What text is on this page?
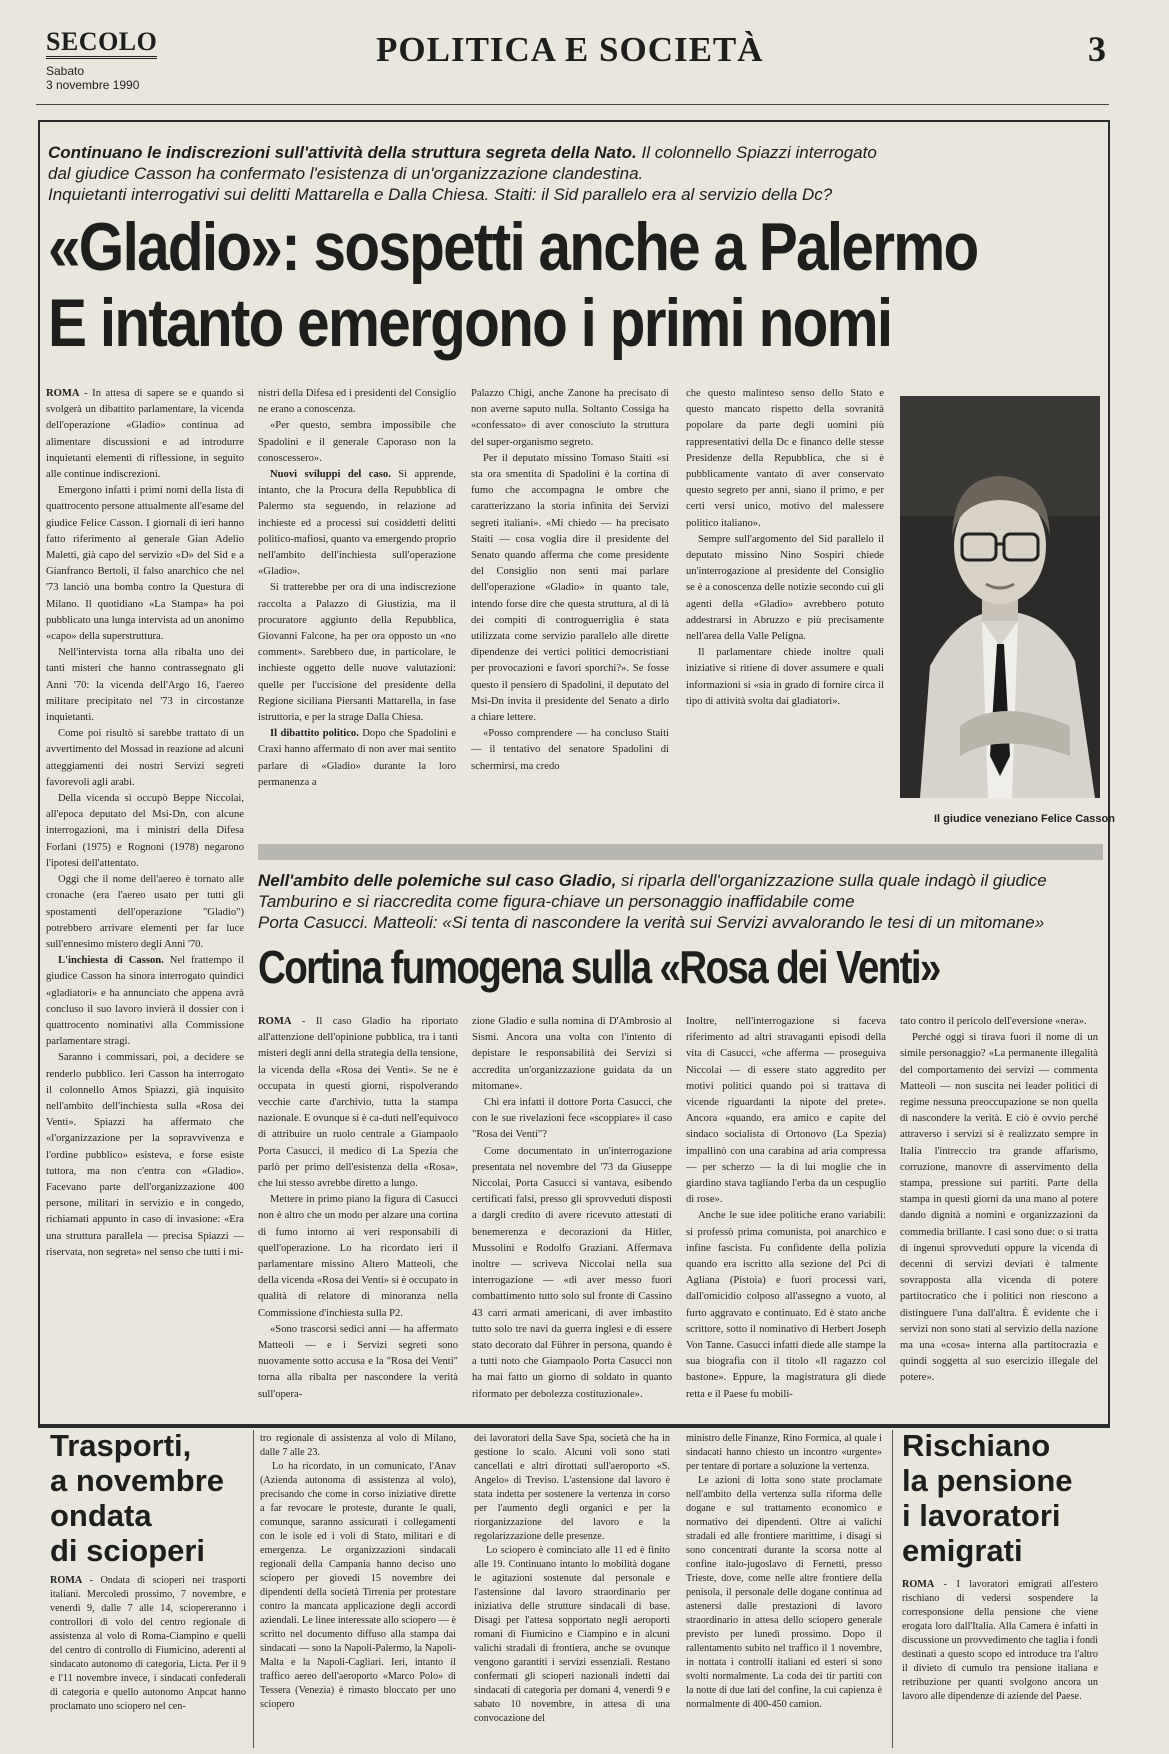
SECOLO
Sabato
3 novembre 1990
POLITICA E SOCIETÀ	3
Continuano le indiscrezioni sull'attività della struttura segreta della Nato. Il colonnello Spiazzi interrogato
dal giudice Casson ha confermato l'esistenza di un'organizzazione clandestina.
Inquietanti interrogativi sui delitti Mattarella e Dalla Chiesa. Staiti: il Sid parallelo era al servizio della Dc?
«Gladio»: sospetti anche a Palermo
E intanto emergono i primi nomi

ROMA - In attesa di sapere se e quando si svolgerà un dibattito parlamentare, la vicenda dell'operazione «Gladio» continua ad alimentare discussioni e ad introdurre inquietanti elementi di riflessione, in seguito alle continue indiscrezioni.

Emergono infatti i primi nomi della lista di quattrocento persone attualmente all'esame del giudice Felice Casson. I giornali di ieri hanno fatto riferimento al generale Gian Adelio Maletti, già capo del servizio «D» del Sid e a Gianfranco Bertoli, il falso anarchico che nel '73 lanciò una bomba contro la Questura di Milano. Il quotidiano «La Stampa» ha poi pubblicato una lunga intervista ad un anonimo «capo» della superstruttura.

Nell'intervista torna alla ribalta uno dei tanti misteri che hanno contrassegnato gli Anni '70: la vicenda dell'Argo 16, l'aereo militare precipitato nel '73 in circostanze inquietanti.

Come poi risultò si sarebbe trattato di un avvertimento del Mossad in reazione ad alcuni atteggiamenti dei nostri Servizi segreti favorevoli agli arabi.

Della vicenda si occupò Beppe Niccolai, all'epoca deputato del Msi-Dn, con alcune interrogazioni, ma i ministri della Difesa Forlani (1975) e Rognoni (1978) negarono l'ipotesi dell'attentato.

Oggi che il nome dell'aereo è tornato alle cronache (era l'aereo usato per tutti gli spostamenti dell'operazione "Gladio") potrebbero arrivare elementi per far luce sull'ennesimo mistero degli Anni '70.

L'inchiesta di Casson. Nel frattempo il giudice Casson ha sinora interrogato quindici «gladiatori» e ha annunciato che appena avrà concluso il suo lavoro invierà il dossier con i quattrocento nominativi alla Commissione parlamentare stragi.

Saranno i commissari, poi, a decidere se renderlo pubblico. Ieri Casson ha interrogato il colonnello Amos Spiazzi, già inquisito nell'ambito dell'inchiesta sulla «Rosa dei Venti». Spiazzi ha affermato che «l'organizzazione per la sopravvivenza e l'ordine pubblico» esisteva, e forse esiste tuttora, ma non c'entra con «Gladio». Facevano parte dell'organizzazione 400 persone, militari in servizio e in congedo, richiamati appunto in caso di invasione: «Era una struttura parallela — precisa Spiazzi — riservata, non segreta» nel senso che tutti i mi-

nistri della Difesa ed i presidenti del Consiglio ne erano a conoscenza.

«Per questo, sembra impossibile che Spadolini e il generale Caporaso non la conoscessero».

Nuovi sviluppi del caso. Si apprende, intanto, che la Procura della Repubblica di Palermo sta seguendo, in relazione ad inchieste ed a processi sui cosiddetti delitti politico-mafiosi, quanto va emergendo proprio nell'ambito dell'inchiesta sull'operazione «Gladio».

Si tratterebbe per ora di una indiscrezione raccolta a Palazzo di Giustizia, ma il procuratore aggiunto della Repubblica, Giovanni Falcone, ha per ora opposto un «no comment». Sarebbero due, in particolare, le inchieste oggetto delle nuove valutazioni: quelle per l'uccisione del presidente della Regione siciliana Piersanti Mattarella, in fase istruttoria, e per la strage Dalla Chiesa.

Il dibattito politico. Dopo che Spadolini e Craxi hanno affermato di non aver mai sentito parlare di «Gladio» durante la loro permanenza a

Palazzo Chigi, anche Zanone ha precisato di non averne saputo nulla. Soltanto Cossiga ha «confessato» di aver conosciuto la struttura del super-organismo segreto.

Per il deputato missino Tomaso Staiti «si sta ora smentita di Spadolini è la cortina di fumo che accompagna le ombre che caratterizzano la storia infinita dei Servizi segreti italiani». «Mi chiedo — ha precisato Staiti — cosa voglia dire il presidente del Senato quando afferma che come presidente del Consiglio non sentì mai parlare dell'operazione «Gladio» in quanto tale, intendo forse dire che questa struttura, al di là dei compiti di controguerriglia è stata utilizzata come servizio parallelo alle dirette dipendenze dei vertici politici democristiani per provocazioni e favori sporchi?». Se fosse questo il pensiero di Spadolini, il deputato del Msi-Dn invita il presidente del Senato a dirlo a chiare lettere.

«Posso comprendere — ha concluso Staiti — il tentativo del senatore Spadolini di schermirsi, ma credo

che questo malinteso senso dello Stato e questo mancato rispetto della sovranità popolare da parte degli uomini più rappresentativi della Dc e financo delle stesse Presidenze della Repubblica, che si è pubblicamente vantato di aver conservato questo segreto per anni, siano il primo, e per certi versi unico, motivo del malessere politico italiano».

Sempre sull'argomento del Sid parallelo il deputato missino Nino Sospiri chiede un'interrogazione al presidente del Consiglio se è a conoscenza delle notizie secondo cui gli agenti della «Gladio» avrebbero potuto addestrarsi in Abruzzo e più precisamente nell'area della Valle Peligna.

Il parlamentare chiede inoltre quali iniziative si ritiene di dover assumere e quali informazioni si «sia in grado di fornire circa il tipo di attività svolta dai gladiatori».

Il giudice veneziano Felice Casson
Nell'ambito delle polemiche sul caso Gladio, si riparla dell'organizzazione sulla quale indagò il giudice
Tamburino e si riaccredita come figura-chiave un personaggio inaffidabile come
Porta Casucci. Matteoli: «Si tenta di nascondere la verità sui Servizi avvalorando le tesi di un mitomane»
Cortina fumogena sulla «Rosa dei Venti»

ROMA - Il caso Gladio ha riportato all'attenzione dell'opinione pubblica, tra i tanti misteri degli anni della strategia della tensione, la vicenda della «Rosa dei Venti». Se ne è occupata in questi giorni, rispolverando vecchie carte d'archivio, tutta la stampa nazionale. E ovunque si è ca-duti nell'equivoco di attribuire un ruolo centrale a Giampaolo Porta Casucci, il medico di La Spezia che parlò per primo dell'esistenza della «Rosa», che lui stesso avrebbe diretto a lungo.

Mettere in primo piano la figura di Casucci non è altro che un modo per alzare una cortina di fumo intorno ai veri responsabili di quell'operazione. Lo ha ricordato ieri il parlamentare missino Altero Matteoli, che della vicenda «Rosa dei Venti» si è occupato in qualità di relatore di minoranza nella Commissione d'inchiesta sulla P2.

«Sono trascorsi sedici anni — ha affermato Matteoli — e i Servizi segreti sono nuovamente sotto accusa e la "Rosa dei Venti" torna alla ribalta per nascondere la verità sull'opera-

zione Gladio e sulla nomina di D'Ambrosio al Sismi. Ancora una volta con l'intento di depistare le responsabilità dei Servizi si accredita un'organizzazione guidata da un mitomane».

Chi era infatti il dottore Porta Casucci, che con le sue rivelazioni fece «scoppiare» il caso "Rosa dei Venti"?

Come documentato in un'interrogazione presentata nel novembre del '73 da Giuseppe Niccolai, Porta Casucci si vantava, esibendo certificati falsi, presso gli sprovveduti disposti a dargli credito di avere ricevuto attestati di benemerenza e decorazioni da Hitler, Mussolini e Rodolfo Graziani. Affermava inoltre — scriveva Niccolai nella sua interrogazione — «di aver messo fuori combattimento tutto solo sul fronte di Cassino 43 carri armati americani, di aver imbastito tutto solo tre navi da guerra inglesi e di essere stato decorato dal Führer in persona, quando è a tutti noto che Giampaolo Porta Casucci non ha mai fatto un giorno di soldato in quanto riformato per debolezza costituzionale».

Inoltre, nell'interrogazione si faceva riferimento ad altri stravaganti episodi della vita di Casucci, «che afferma — proseguiva Niccolai — di essere stato aggredito per motivi politici quando poi si trattava di vicende riguardanti la nipote del prete». Ancora «quando, era amico e capite del sindaco socialista di Ortonovo (La Spezia) impallinò con una carabina ad aria compressa — per scherzo — la di lui moglie che in giardino stava tagliando l'erba da un cespuglio di rose».

Anche le sue idee politiche erano variabili: si professò prima comunista, poi anarchico e infine fascista. Fu confidente della polizia quando era iscritto alla sezione del Pci di Agliana (Pistoia) e fuori processi vari, dall'omicidio colposo all'assegno a vuoto, al furto aggravato e continuato. Ed è stato anche scrittore, sotto il nominativo di Herbert Joseph Von Tanne. Casucci infatti diede alle stampe la sua biografia con il titolo «Il ragazzo col bastone». Eppure, la magistratura gli diede retta e il Paese fu mobili-

tato contro il pericolo dell'eversione «nera».

Perché oggi si tirava fuori il nome di un simile personaggio? «La permanente illegalità del comportamento dei servizi — commenta Matteoli — non suscita nei leader politici di regime nessuna preoccupazione se non quella di nascondere la verità. E ciò è ovvio perché attraverso i servizi si è realizzato sempre in Italia l'intreccio tra grande affarismo, corruzione, manovre di asservimento della stampa, pressione sui partiti. Parte della stampa in questi giorni da una mano al potere dando dignità a nomini e organizzazioni da commedia brillante. I casi sono due: o si tratta di ingenui sprovveduti oppure la vicenda di decenni di servizi deviati è talmente sovrapposta alla vicenda di potere partitocratico che i politici non riescono a distinguere l'una dall'altra. È evidente che i servizi non sono stati al servizio della nazione ma una «cosa» interna alla partitocrazia e quindi soggetta al suo esercizio illegale del potere».

Trasporti,
a novembre
ondata
di scioperi

ROMA - Ondata di scioperi nei trasporti italiani. Mercoledì prossimo, 7 novembre, e venerdì 9, dalle 7 alle 14, sciopereranno i controllori di volo del centro regionale di assistenza al volo di Roma-Ciampino e quelli del centro di controllo di Fiumicino, aderenti al sindacato autonomo di categoria, Licta. Per il 9 e l'11 novembre invece, i sindacati confederali di categoria e quello autonomo Anpcat hanno proclamato uno sciopero nel cen-

tro regionale di assistenza al volo di Milano, dalle 7 alle 23.

Lo ha ricordato, in un comunicato, l'Anav (Azienda autonoma di assistenza al volo), precisando che come in corso iniziative dirette a far revocare le proteste, durante le quali, comunque, saranno assicurati i collegamenti con le isole ed i voli di Stato, militari e di emergenza. Le organizzazioni sindacali regionali della Campania hanno deciso uno sciopero per giovedì 15 novembre dei dipendenti della società Tirrenia per protestare contro la mancata applicazione degli accordi aziendali. Le linee interessate allo sciopero — è scritto nel documento diffuso alla stampa dai sindacati — sono la Napoli-Palermo, la Napoli-Malta e la Napoli-Cagliari. Ieri, intanto il traffico aereo dell'aeroporto «Marco Polo» di Tessera (Venezia) è rimasto bloccato per uno sciopero

dei lavoratori della Save Spa, società che ha in gestione lo scalo. Alcuni voli sono stati cancellati e altri dirottati sull'aeroporto «S. Angelo» di Treviso. L'astensione dal lavoro è stata indetta per sostenere la vertenza in corso per l'aumento degli organici e per la riorganizzazione del lavoro e la regolarizzazione delle presenze.

Lo sciopero è cominciato alle 11 ed è finito alle 19. Continuano intanto lo mobilità dogane le agitazioni sostenute dal personale e l'astensione dal lavoro straordinario per iniziativa delle strutture sindacali di base. Disagi per l'attesa sopportato negli aeroporti romani di Fiumicino e Ciampino e in alcuni valichi stradali di frontiera, anche se ovunque vengono garantiti i servizi essenziali. Restano confermati gli scioperi nazionali indetti dai sindacati di categoria per domani 4, venerdì 9 e sabato 10 novembre, in attesa di una convocazione del

ministro delle Finanze, Rino Formica, al quale i sindacati hanno chiesto un incontro «urgente» per tentare di portare a soluzione la vertenza.

Le azioni di lotta sono state proclamate nell'ambito della vertenza sulla riforma delle dogane e sul trattamento economico e normativo dei dipendenti. Oltre ai valichi stradali ed alle frontiere marittime, i disagi si sono concentrati durante la scorsa notte al confine italo-jugoslavo di Fernetti, presso Trieste, dove, come nelle altre frontiere della penisola, il personale delle dogane continua ad astenersi dalle prestazioni di lavoro straordinario in attesa dello sciopero generale previsto per lunedì prossimo. Dopo il rallentamento subito nel traffico il 1 novembre, in nottata i controlli italiani ed esteri si sono svolti normalmente. La coda dei tir partiti con la notte di due lati del confine, la cui capienza è normalmente di 400-450 camion.

Rischiano
la pensione
i lavoratori
emigrati

ROMA - I lavoratori emigrati all'estero rischiano di vedersi sospendere la corresponsione della pensione che viene erogata loro dall'Italia. Alla Camera è infatti in discussione un provvedimento che taglia i fondi destinati a questo scopo ed introduce tra l'altro il divieto di cumulo tra pensione italiana e retribuzione per quanti svolgono ancora un lavoro alle dipendenze di aziende del Paese.
